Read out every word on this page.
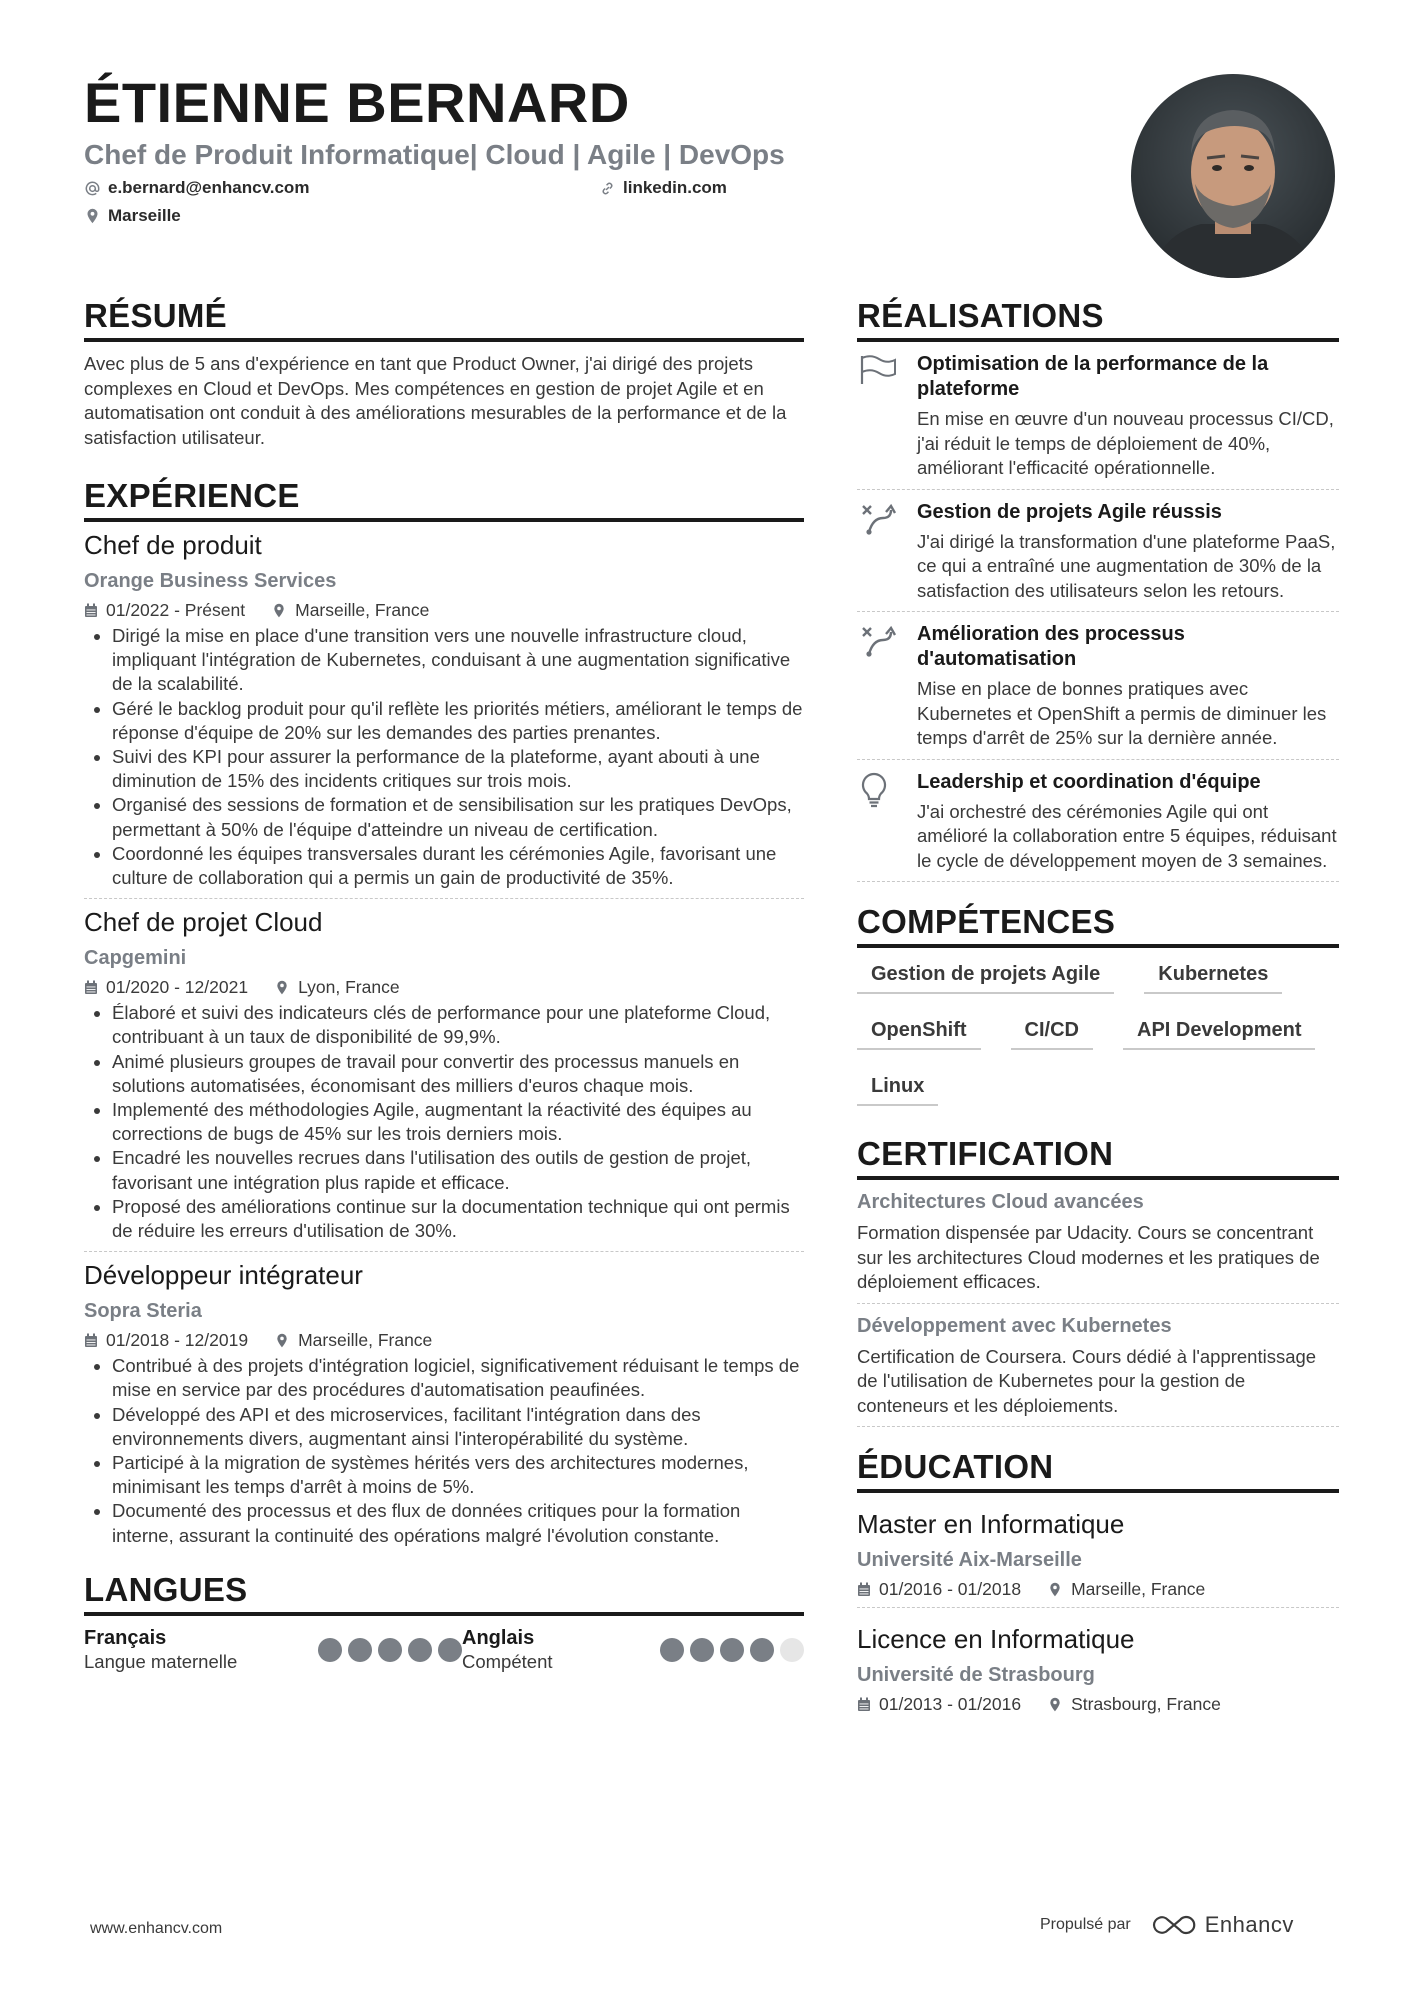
ÉTIENNE BERNARD
Chef de Produit Informatique| Cloud | Agile | DevOps
e.bernard@enhancv.com	linkedin.com
Marseille
RÉSUMÉ
Avec plus de 5 ans d'expérience en tant que Product Owner, j'ai dirigé des projets complexes en Cloud et DevOps. Mes compétences en gestion de projet Agile et en automatisation ont conduit à des améliorations mesurables de la performance et de la satisfaction utilisateur.
EXPÉRIENCE
Chef de produit
Orange Business Services
01/2022 - Présent	Marseille, France
Dirigé la mise en place d'une transition vers une nouvelle infrastructure cloud, impliquant l'intégration de Kubernetes, conduisant à une augmentation significative de la scalabilité.
Géré le backlog produit pour qu'il reflète les priorités métiers, améliorant le temps de réponse d'équipe de 20% sur les demandes des parties prenantes.
Suivi des KPI pour assurer la performance de la plateforme, ayant abouti à une diminution de 15% des incidents critiques sur trois mois.
Organisé des sessions de formation et de sensibilisation sur les pratiques DevOps, permettant à 50% de l'équipe d'atteindre un niveau de certification.
Coordonné les équipes transversales durant les cérémonies Agile, favorisant une culture de collaboration qui a permis un gain de productivité de 35%.
Chef de projet Cloud
Capgemini
01/2020 - 12/2021	Lyon, France
Élaboré et suivi des indicateurs clés de performance pour une plateforme Cloud, contribuant à un taux de disponibilité de 99,9%.
Animé plusieurs groupes de travail pour convertir des processus manuels en solutions automatisées, économisant des milliers d'euros chaque mois.
Implementé des méthodologies Agile, augmentant la réactivité des équipes au corrections de bugs de 45% sur les trois derniers mois.
Encadré les nouvelles recrues dans l'utilisation des outils de gestion de projet, favorisant une intégration plus rapide et efficace.
Proposé des améliorations continue sur la documentation technique qui ont permis de réduire les erreurs d'utilisation de 30%.
Développeur intégrateur
Sopra Steria
01/2018 - 12/2019	Marseille, France
Contribué à des projets d'intégration logiciel, significativement réduisant le temps de mise en service par des procédures d'automatisation peaufinées.
Développé des API et des microservices, facilitant l'intégration dans des environnements divers, augmentant ainsi l'interopérabilité du système.
Participé à la migration de systèmes hérités vers des architectures modernes, minimisant les temps d'arrêt à moins de 5%.
Documenté des processus et des flux de données critiques pour la formation interne, assurant la continuité des opérations malgré l'évolution constante.
LANGUES
Français
Langue maternelle
Anglais
Compétent
RÉALISATIONS
Optimisation de la performance de la plateforme
En mise en œuvre d'un nouveau processus CI/CD, j'ai réduit le temps de déploiement de 40%, améliorant l'efficacité opérationnelle.
Gestion de projets Agile réussis
J'ai dirigé la transformation d'une plateforme PaaS, ce qui a entraîné une augmentation de 30% de la satisfaction des utilisateurs selon les retours.
Amélioration des processus d'automatisation
Mise en place de bonnes pratiques avec Kubernetes et OpenShift a permis de diminuer les temps d'arrêt de 25% sur la dernière année.
Leadership et coordination d'équipe
J'ai orchestré des cérémonies Agile qui ont amélioré la collaboration entre 5 équipes, réduisant le cycle de développement moyen de 3 semaines.
COMPÉTENCES
Gestion de projets Agile	Kubernetes
OpenShift	CI/CD	API Development
Linux
CERTIFICATION
Architectures Cloud avancées
Formation dispensée par Udacity. Cours se concentrant sur les architectures Cloud modernes et les pratiques de déploiement efficaces.
Développement avec Kubernetes
Certification de Coursera. Cours dédié à l'apprentissage de l'utilisation de Kubernetes pour la gestion de conteneurs et les déploiements.
ÉDUCATION
Master en Informatique
Université Aix-Marseille
01/2016 - 01/2018	Marseille, France
Licence en Informatique
Université de Strasbourg
01/2013 - 01/2016	Strasbourg, France
www.enhancv.com	Propulsé par	Enhancv
